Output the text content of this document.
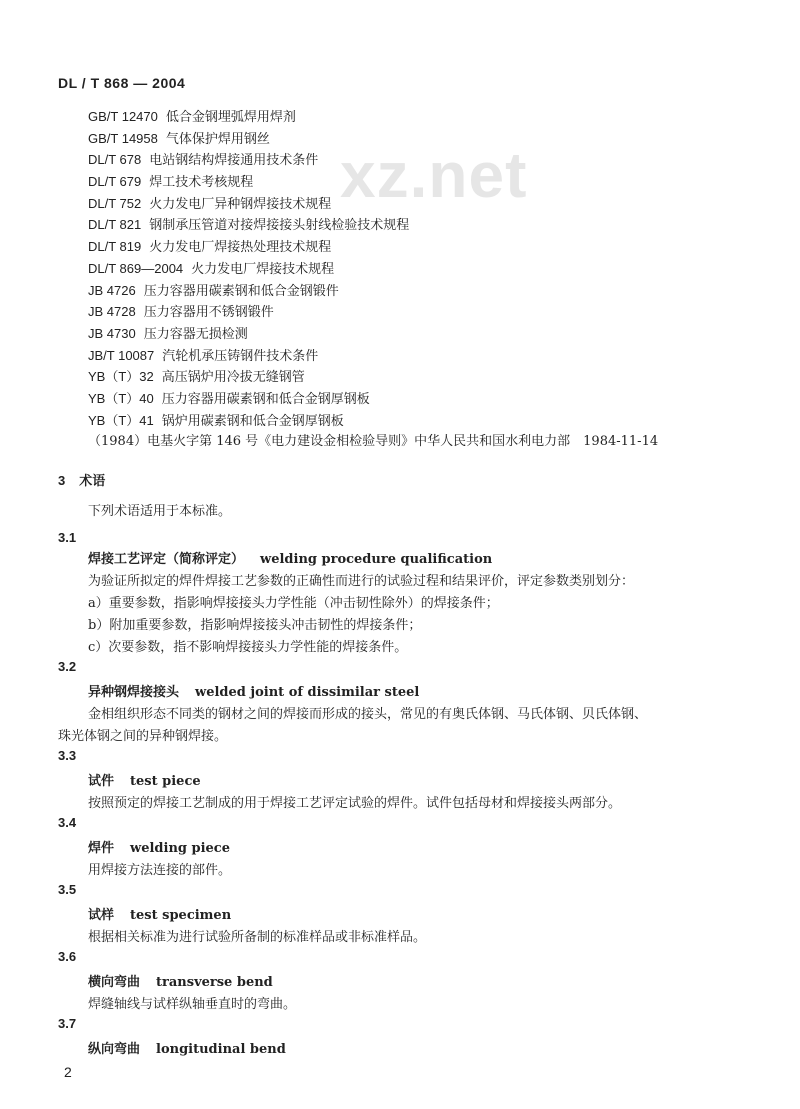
DL / T 868 — 2004
xz.net
GB/T 12470 低合金钢埋弧焊用焊剂
GB/T 14958 气体保护焊用钢丝
DL/T 678 电站钢结构焊接通用技术条件
DL/T 679 焊工技术考核规程
DL/T 752 火力发电厂异种钢焊接技术规程
DL/T 821 钢制承压管道对接焊接接头射线检验技术规程
DL/T 819 火力发电厂焊接热处理技术规程
DL/T 869—2004 火力发电厂焊接技术规程
JB 4726 压力容器用碳素钢和低合金钢锻件
JB 4728 压力容器用不锈钢锻件
JB 4730 压力容器无损检测
JB/T 10087 汽轮机承压铸钢件技术条件
YB（T）32 高压锅炉用冷拔无缝钢管
YB（T）40 压力容器用碳素钢和低合金钢厚钢板
YB（T）41 锅炉用碳素钢和低合金钢厚钢板
（1984）电基火字第 146 号《电力建设金相检验导则》中华人民共和国水利电力部　1984-11-14
3 术语
下列术语适用于本标准。
3.1
焊接工艺评定（简称评定） welding procedure qualification
为验证所拟定的焊件焊接工艺参数的正确性而进行的试验过程和结果评价，评定参数类别划分：
a）重要参数，指影响焊接接头力学性能（冲击韧性除外）的焊接条件；
b）附加重要参数，指影响焊接接头冲击韧性的焊接条件；
c）次要参数，指不影响焊接接头力学性能的焊接条件。
3.2
异种钢焊接接头 welded joint of dissimilar steel
金相组织形态不同类的钢材之间的焊接而形成的接头，常见的有奥氏体钢、马氏体钢、贝氏体钢、
珠光体钢之间的异种钢焊接。
3.3
试件 test piece
按照预定的焊接工艺制成的用于焊接工艺评定试验的焊件。试件包括母材和焊接接头两部分。
3.4
焊件 welding piece
用焊接方法连接的部件。
3.5
试样 test specimen
根据相关标准为进行试验所备制的标准样品或非标准样品。
3.6
横向弯曲 transverse bend
焊缝轴线与试样纵轴垂直时的弯曲。
3.7
纵向弯曲 longitudinal bend
2
